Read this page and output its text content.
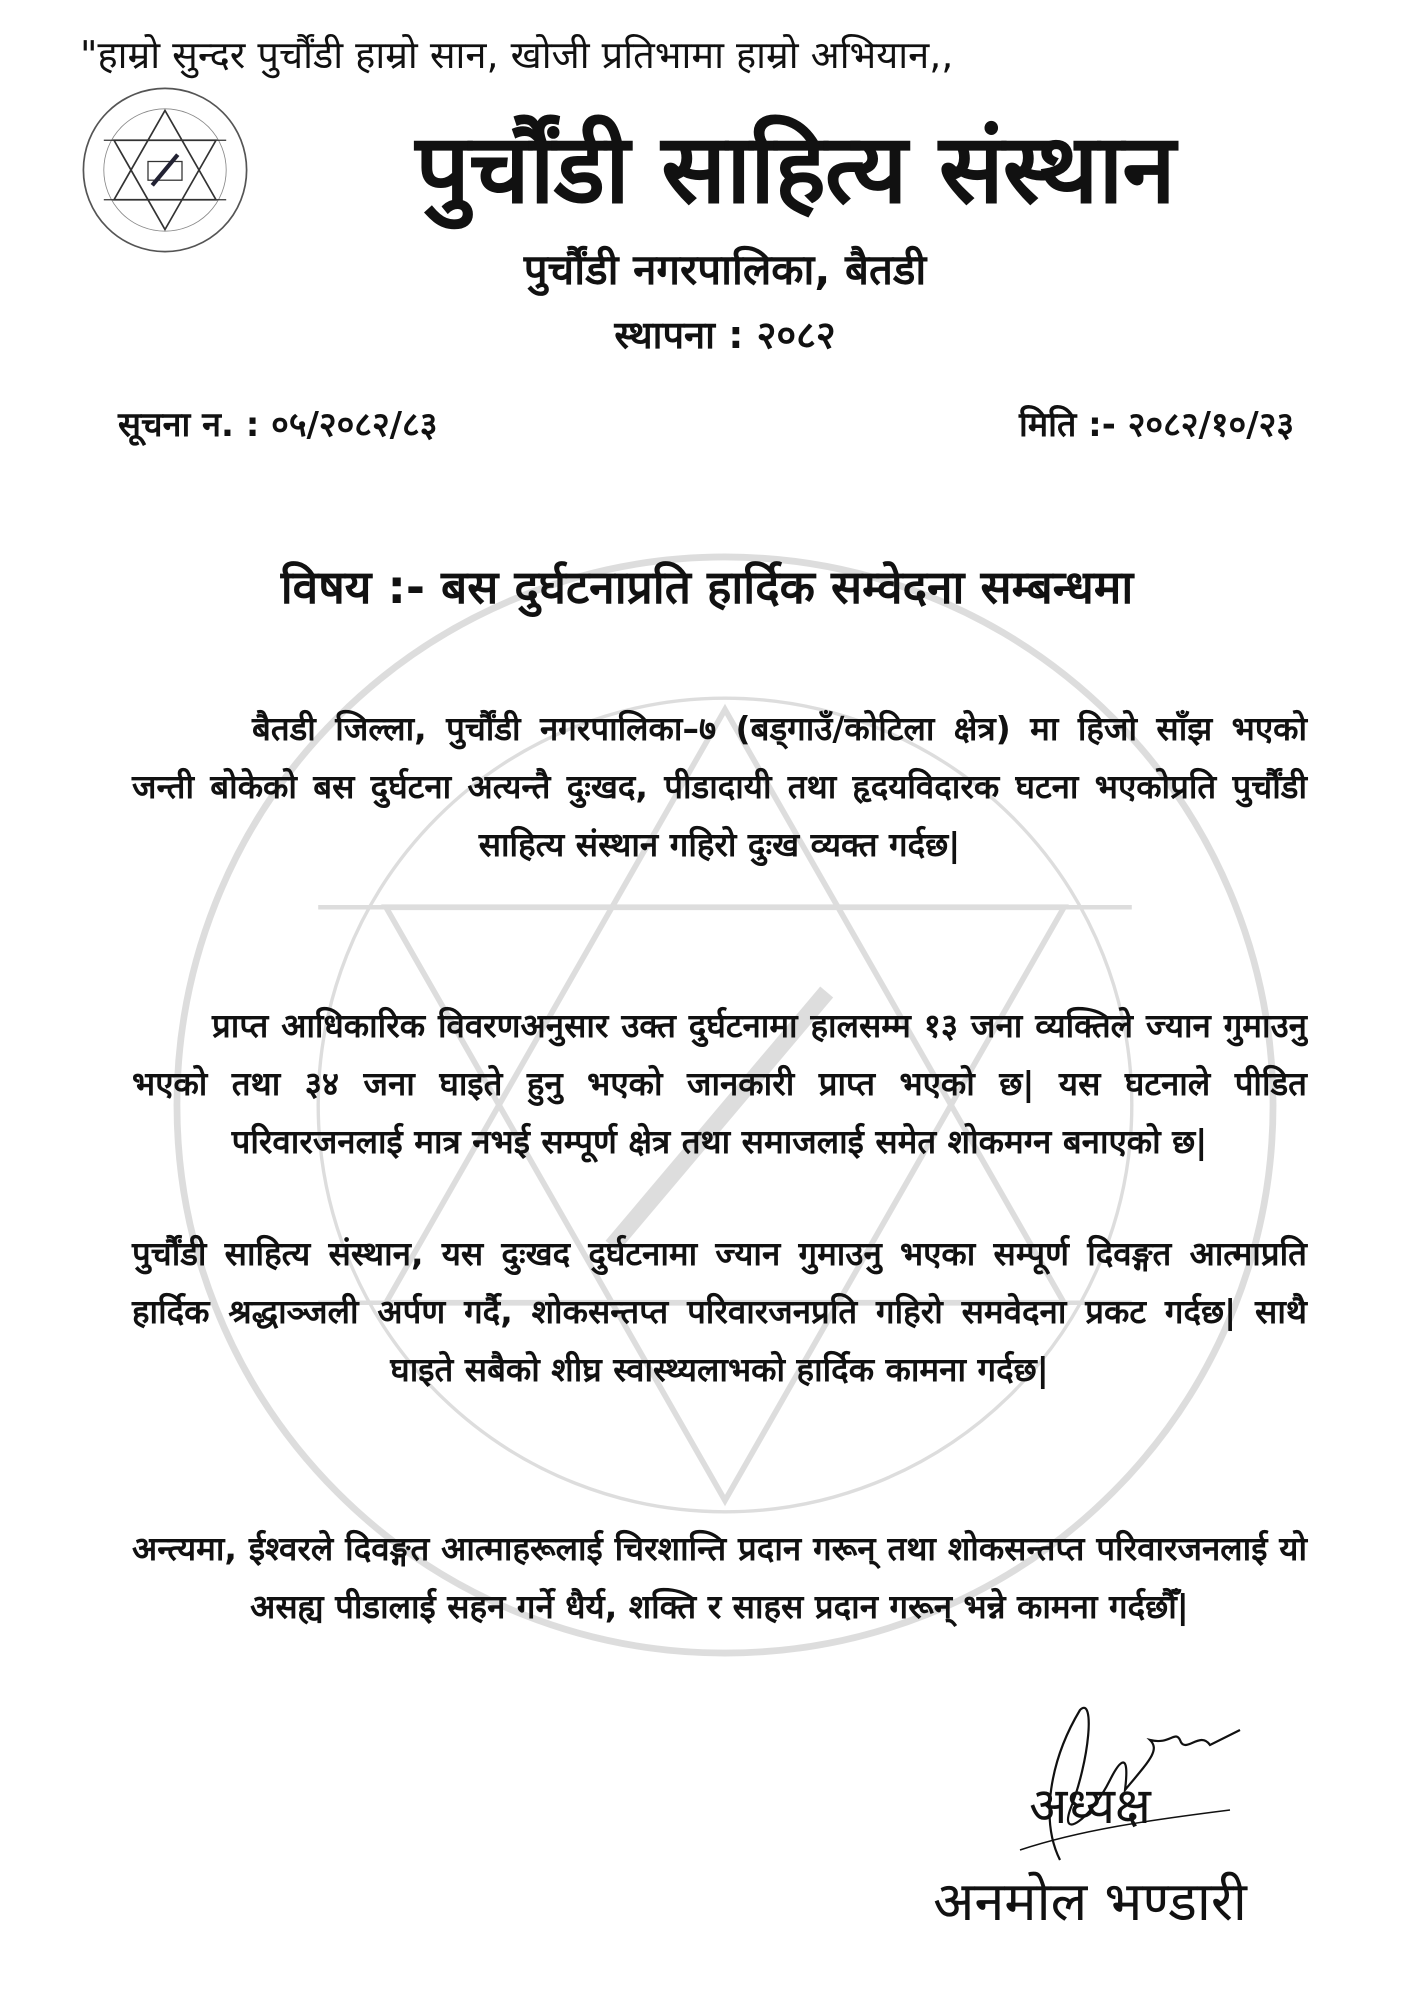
"हाम्रो सुन्दर पुर्चौंडी हाम्रो सान, खोजी प्रतिभामा हाम्रो अभियान,,
पुर्चौंडी साहित्य संस्थान
पुर्चौंडी नगरपालिका, बैतडी
स्थापना : २०८२
सूचना न. : ०५/२०८२/८३	मिति :- २०८२/१०/२३
विषय :- बस दुर्घटनाप्रति हार्दिक सम्वेदना सम्बन्धमा
बैतडी जिल्ला, पुर्चौंडी नगरपालिका–७ (बड्गाउँ/कोटिला क्षेत्र) मा हिजो साँझ भएको जन्ती बोकेको बस दुर्घटना अत्यन्तै दुःखद, पीडादायी तथा हृदयविदारक घटना भएकोप्रति पुर्चौंडी साहित्य संस्थान गहिरो दुःख व्यक्त गर्दछ|
प्राप्त आधिकारिक विवरणअनुसार उक्त दुर्घटनामा हालसम्म १३ जना व्यक्तिले ज्यान गुमाउनु भएको तथा ३४ जना घाइते हुनु भएको जानकारी प्राप्त भएको छ| यस घटनाले पीडित परिवारजनलाई मात्र नभई सम्पूर्ण क्षेत्र तथा समाजलाई समेत शोकमग्न बनाएको छ|
पुर्चौंडी साहित्य संस्थान, यस दुःखद दुर्घटनामा ज्यान गुमाउनु भएका सम्पूर्ण दिवङ्गत आत्माप्रति हार्दिक श्रद्धाञ्जली अर्पण गर्दै, शोकसन्तप्त परिवारजनप्रति गहिरो समवेदना प्रकट गर्दछ| साथै घाइते सबैको शीघ्र स्वास्थ्यलाभको हार्दिक कामना गर्दछ|
अन्त्यमा, ईश्वरले दिवङ्गत आत्माहरूलाई चिरशान्ति प्रदान गरून् तथा शोकसन्तप्त परिवारजनलाई यो असह्य पीडालाई सहन गर्ने धैर्य, शक्ति र साहस प्रदान गरून् भन्ने कामना गर्दछौँ|
अध्यक्ष
अनमोल भण्डारी
